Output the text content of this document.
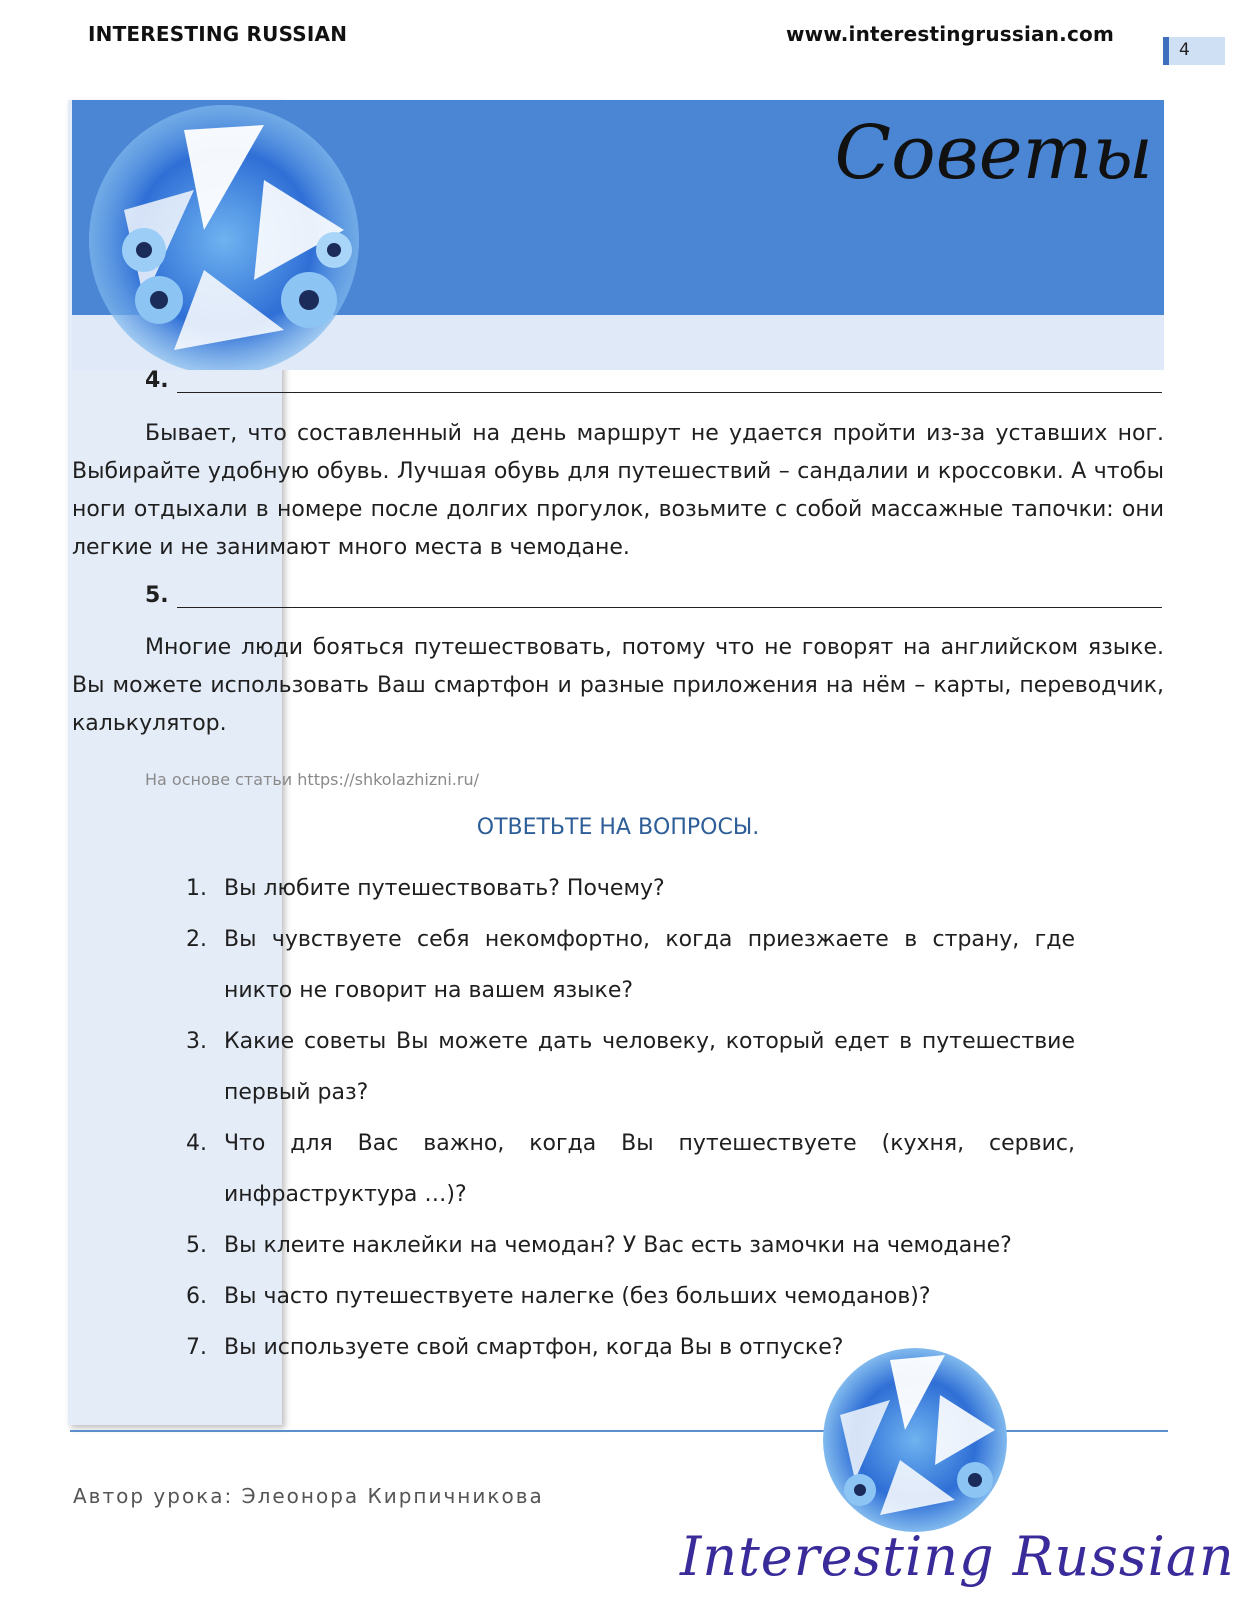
INTERESTING RUSSIAN	www.interestingrussian.com
4
Советы
4.
Бывает, что составленный на день маршрут не удается пройти из-за уставших ног. Выбирайте удобную обувь. Лучшая обувь для путешествий – сандалии и кроссовки. А чтобы ноги отдыхали в номере после долгих прогулок, возьмите с собой массажные тапочки: они легкие и не занимают много места в чемодане.
5.
Многие люди бояться путешествовать, потому что не говорят на английском языке. Вы можете использовать Ваш смартфон и разные приложения на нём – карты, переводчик, калькулятор.
На основе статьи https://shkolazhizni.ru/
ОТВЕТЬТЕ НА ВОПРОСЫ.
1. Вы любите путешествовать? Почему?
2. Вы чувствуете себя некомфортно, когда приезжаете в страну, где никто не говорит на вашем языке?
3. Какие советы Вы можете дать человеку, который едет в путешествие первый раз?
4. Что для Вас важно, когда Вы путешествуете (кухня, сервис, инфраструктура …)?
5. Вы клеите наклейки на чемодан? У Вас есть замочки на чемодане?
6. Вы часто путешествуете налегке (без больших чемоданов)?
7. Вы используете свой смартфон, когда Вы в отпуске?
Автор урока: Элеонора Кирпичникова
Interesting Russian
